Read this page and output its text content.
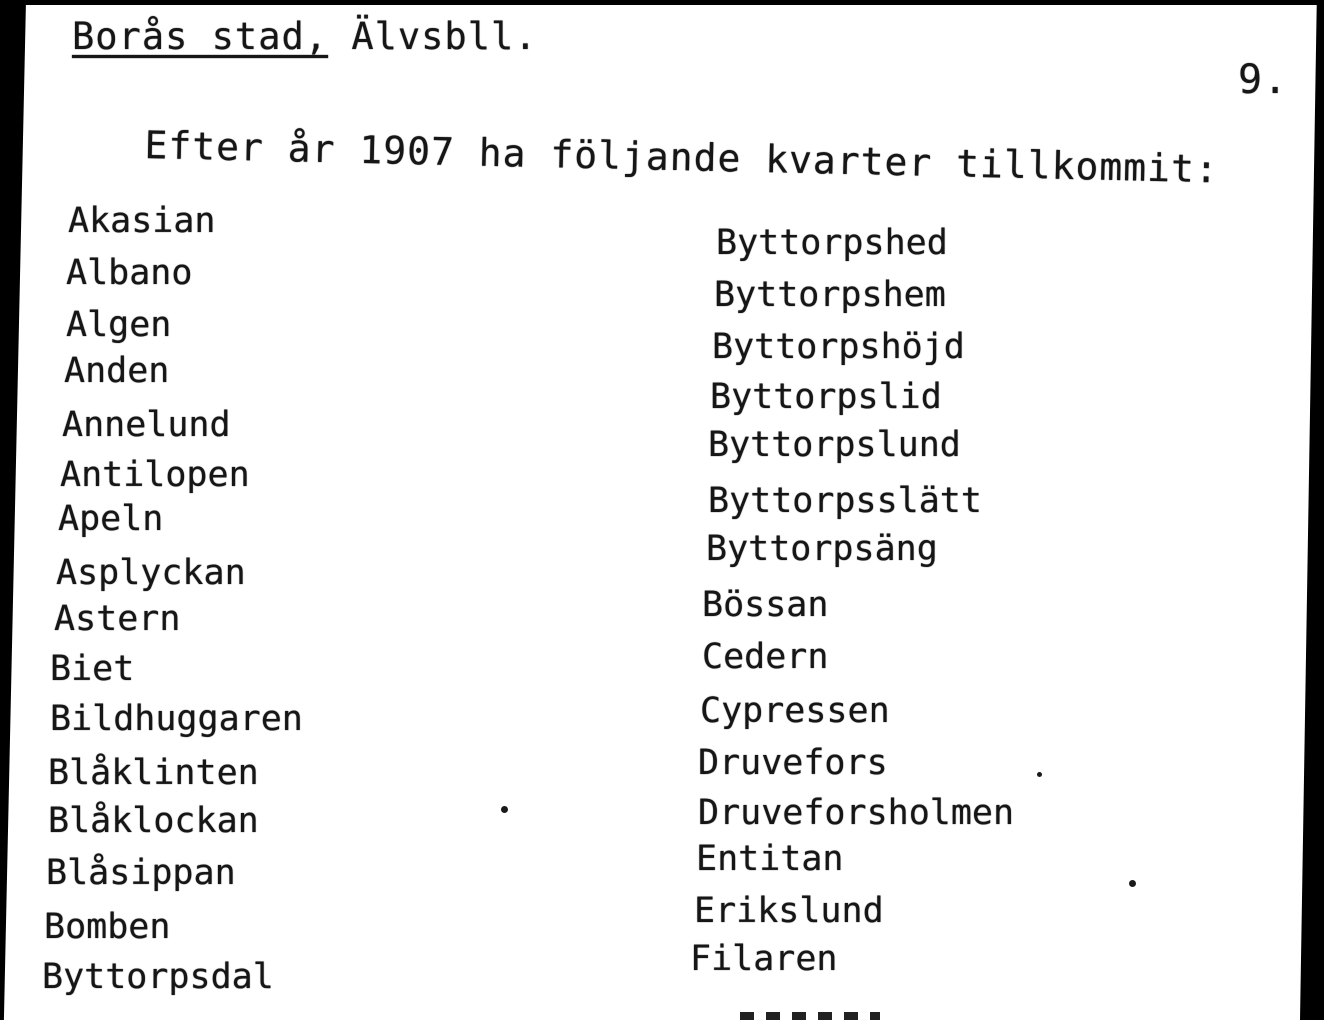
Borås stad, Älvsbll.
9.
Efter år 1907 ha följande kvarter tillkommit:
Akasian
Albano
Algen
Anden
Annelund
Antilopen
Apeln
Asplyckan
Astern
Biet
Bildhuggaren
Blåklinten
Blåklockan
Blåsippan
Bomben
Byttorpsdal
Byttorpshed
Byttorpshem
Byttorpshöjd
Byttorpslid
Byttorpslund
Byttorpsslätt
Byttorpsäng
Bössan
Cedern
Cypressen
Druvefors
Druveforsholmen
Entitan
Erikslund
Filaren
